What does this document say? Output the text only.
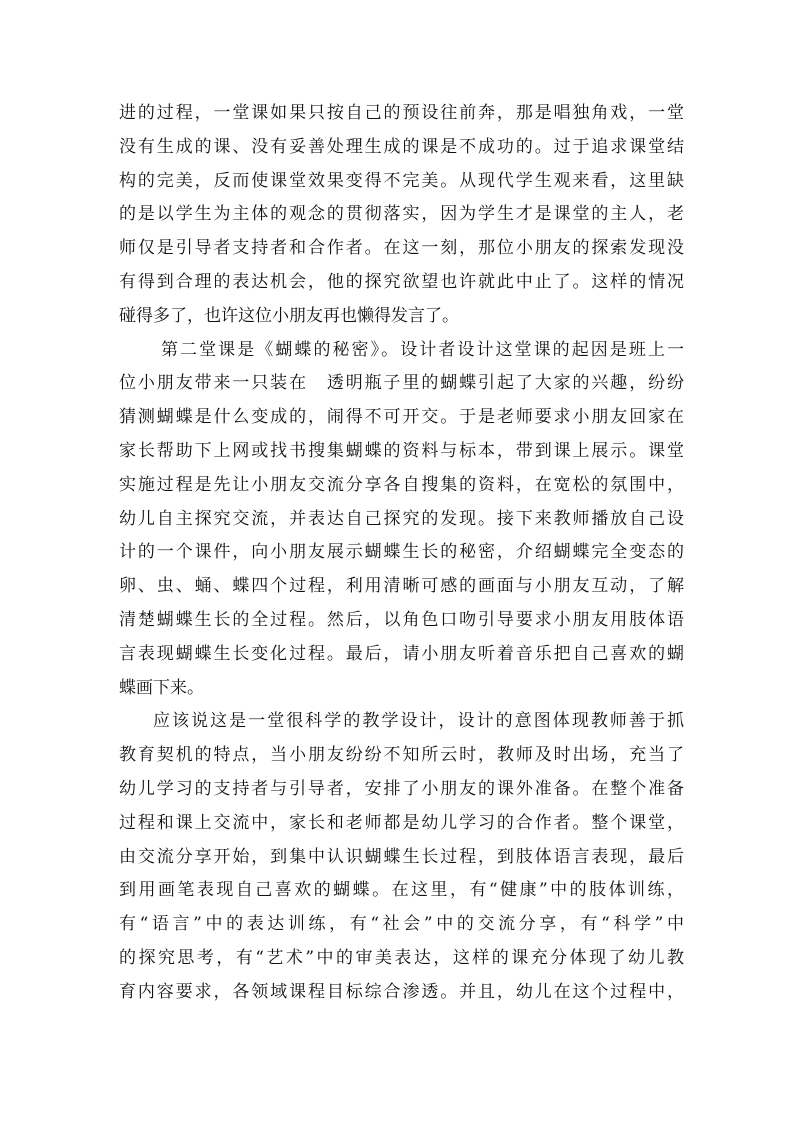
进的过程，一堂课如果只按自己的预设往前奔，那是唱独角戏，一堂
没有生成的课、没有妥善处理生成的课是不成功的。过于追求课堂结
构的完美，反而使课堂效果变得不完美。从现代学生观来看，这里缺
的是以学生为主体的观念的贯彻落实，因为学生才是课堂的主人，老
师仅是引导者支持者和合作者。在这一刻，那位小朋友的探索发现没
有得到合理的表达机会，他的探究欲望也许就此中止了。这样的情况
碰得多了，也许这位小朋友再也懒得发言了。
第二堂课是《蝴蝶的秘密》。设计者设计这堂课的起因是班上一
位小朋友带来一只装在　透明瓶子里的蝴蝶引起了大家的兴趣，纷纷
猜测蝴蝶是什么变成的，闹得不可开交。于是老师要求小朋友回家在
家长帮助下上网或找书搜集蝴蝶的资料与标本，带到课上展示。课堂
实施过程是先让小朋友交流分享各自搜集的资料，在宽松的氛围中，
幼儿自主探究交流，并表达自己探究的发现。接下来教师播放自己设
计的一个课件，向小朋友展示蝴蝶生长的秘密，介绍蝴蝶完全变态的
卵、虫、蛹、蝶四个过程，利用清晰可感的画面与小朋友互动，了解
清楚蝴蝶生长的全过程。然后，以角色口吻引导要求小朋友用肢体语
言表现蝴蝶生长变化过程。最后，请小朋友听着音乐把自己喜欢的蝴
蝶画下来。
应该说这是一堂很科学的教学设计，设计的意图体现教师善于抓
教育契机的特点，当小朋友纷纷不知所云时，教师及时出场，充当了
幼儿学习的支持者与引导者，安排了小朋友的课外准备。在整个准备
过程和课上交流中，家长和老师都是幼儿学习的合作者。整个课堂，
由交流分享开始，到集中认识蝴蝶生长过程，到肢体语言表现，最后
到用画笔表现自己喜欢的蝴蝶。在这里，有“健康”中的肢体训练，
有“语言”中的表达训练，有“社会”中的交流分享，有“科学”中
的探究思考，有“艺术”中的审美表达，这样的课充分体现了幼儿教
育内容要求，各领域课程目标综合渗透。并且，幼儿在这个过程中，
